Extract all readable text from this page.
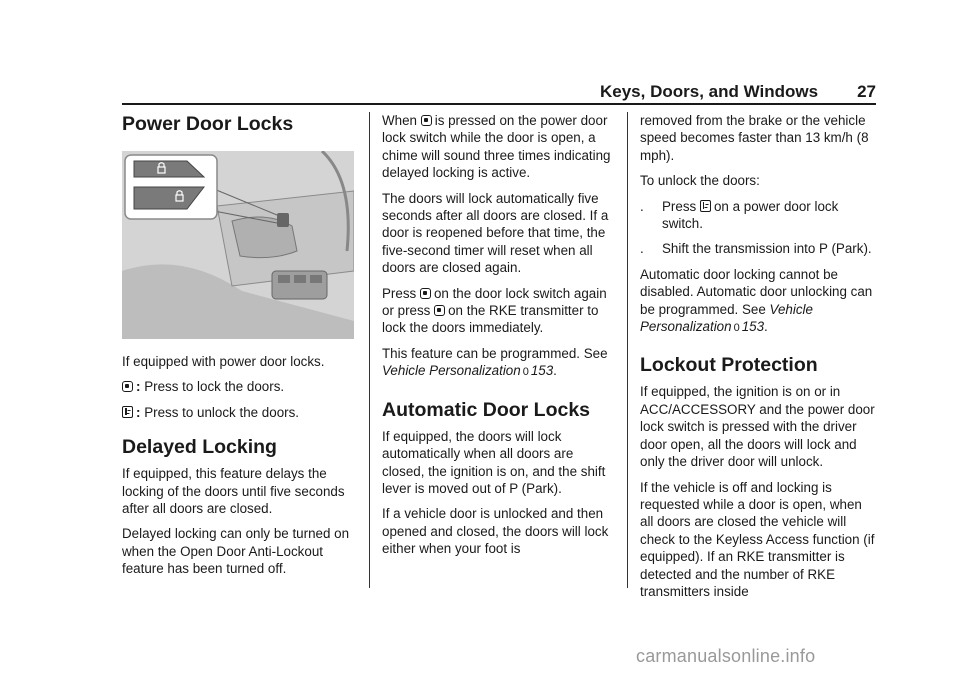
Keys, Doors, and Windows 27
Power Door Locks

If equipped with power door locks.

: Press to lock the doors.

: Press to unlock the doors.

Delayed Locking

If equipped, this feature delays the locking of the doors until five seconds after all doors are closed.

Delayed locking can only be turned on when the Open Door Anti-Lockout feature has been turned off.

When is pressed on the power door lock switch while the door is open, a chime will sound three times indicating delayed locking is active.

The doors will lock automatically five seconds after all doors are closed. If a door is reopened before that time, the five-second timer will reset when all doors are closed again.

Press on the door lock switch again or press on the RKE transmitter to lock the doors immediately.

This feature can be programmed. See Vehicle Personalization 0 153.

Automatic Door Locks

If equipped, the doors will lock automatically when all doors are closed, the ignition is on, and the shift lever is moved out of P (Park).

If a vehicle door is unlocked and then opened and closed, the doors will lock either when your foot is

removed from the brake or the vehicle speed becomes faster than 13 km/h (8 mph).

To unlock the doors:

. Press on a power door lock switch.
. Shift the transmission into P (Park).

Automatic door locking cannot be disabled. Automatic door unlocking can be programmed. See Vehicle Personalization 0 153.

Lockout Protection

If equipped, the ignition is on or in ACC/ACCESSORY and the power door lock switch is pressed with the driver door open, all the doors will lock and only the driver door will unlock.

If the vehicle is off and locking is requested while a door is open, when all doors are closed the vehicle will check to the Keyless Access function (if equipped). If an RKE transmitter is detected and the number of RKE transmitters inside

carmanualsonline.info
